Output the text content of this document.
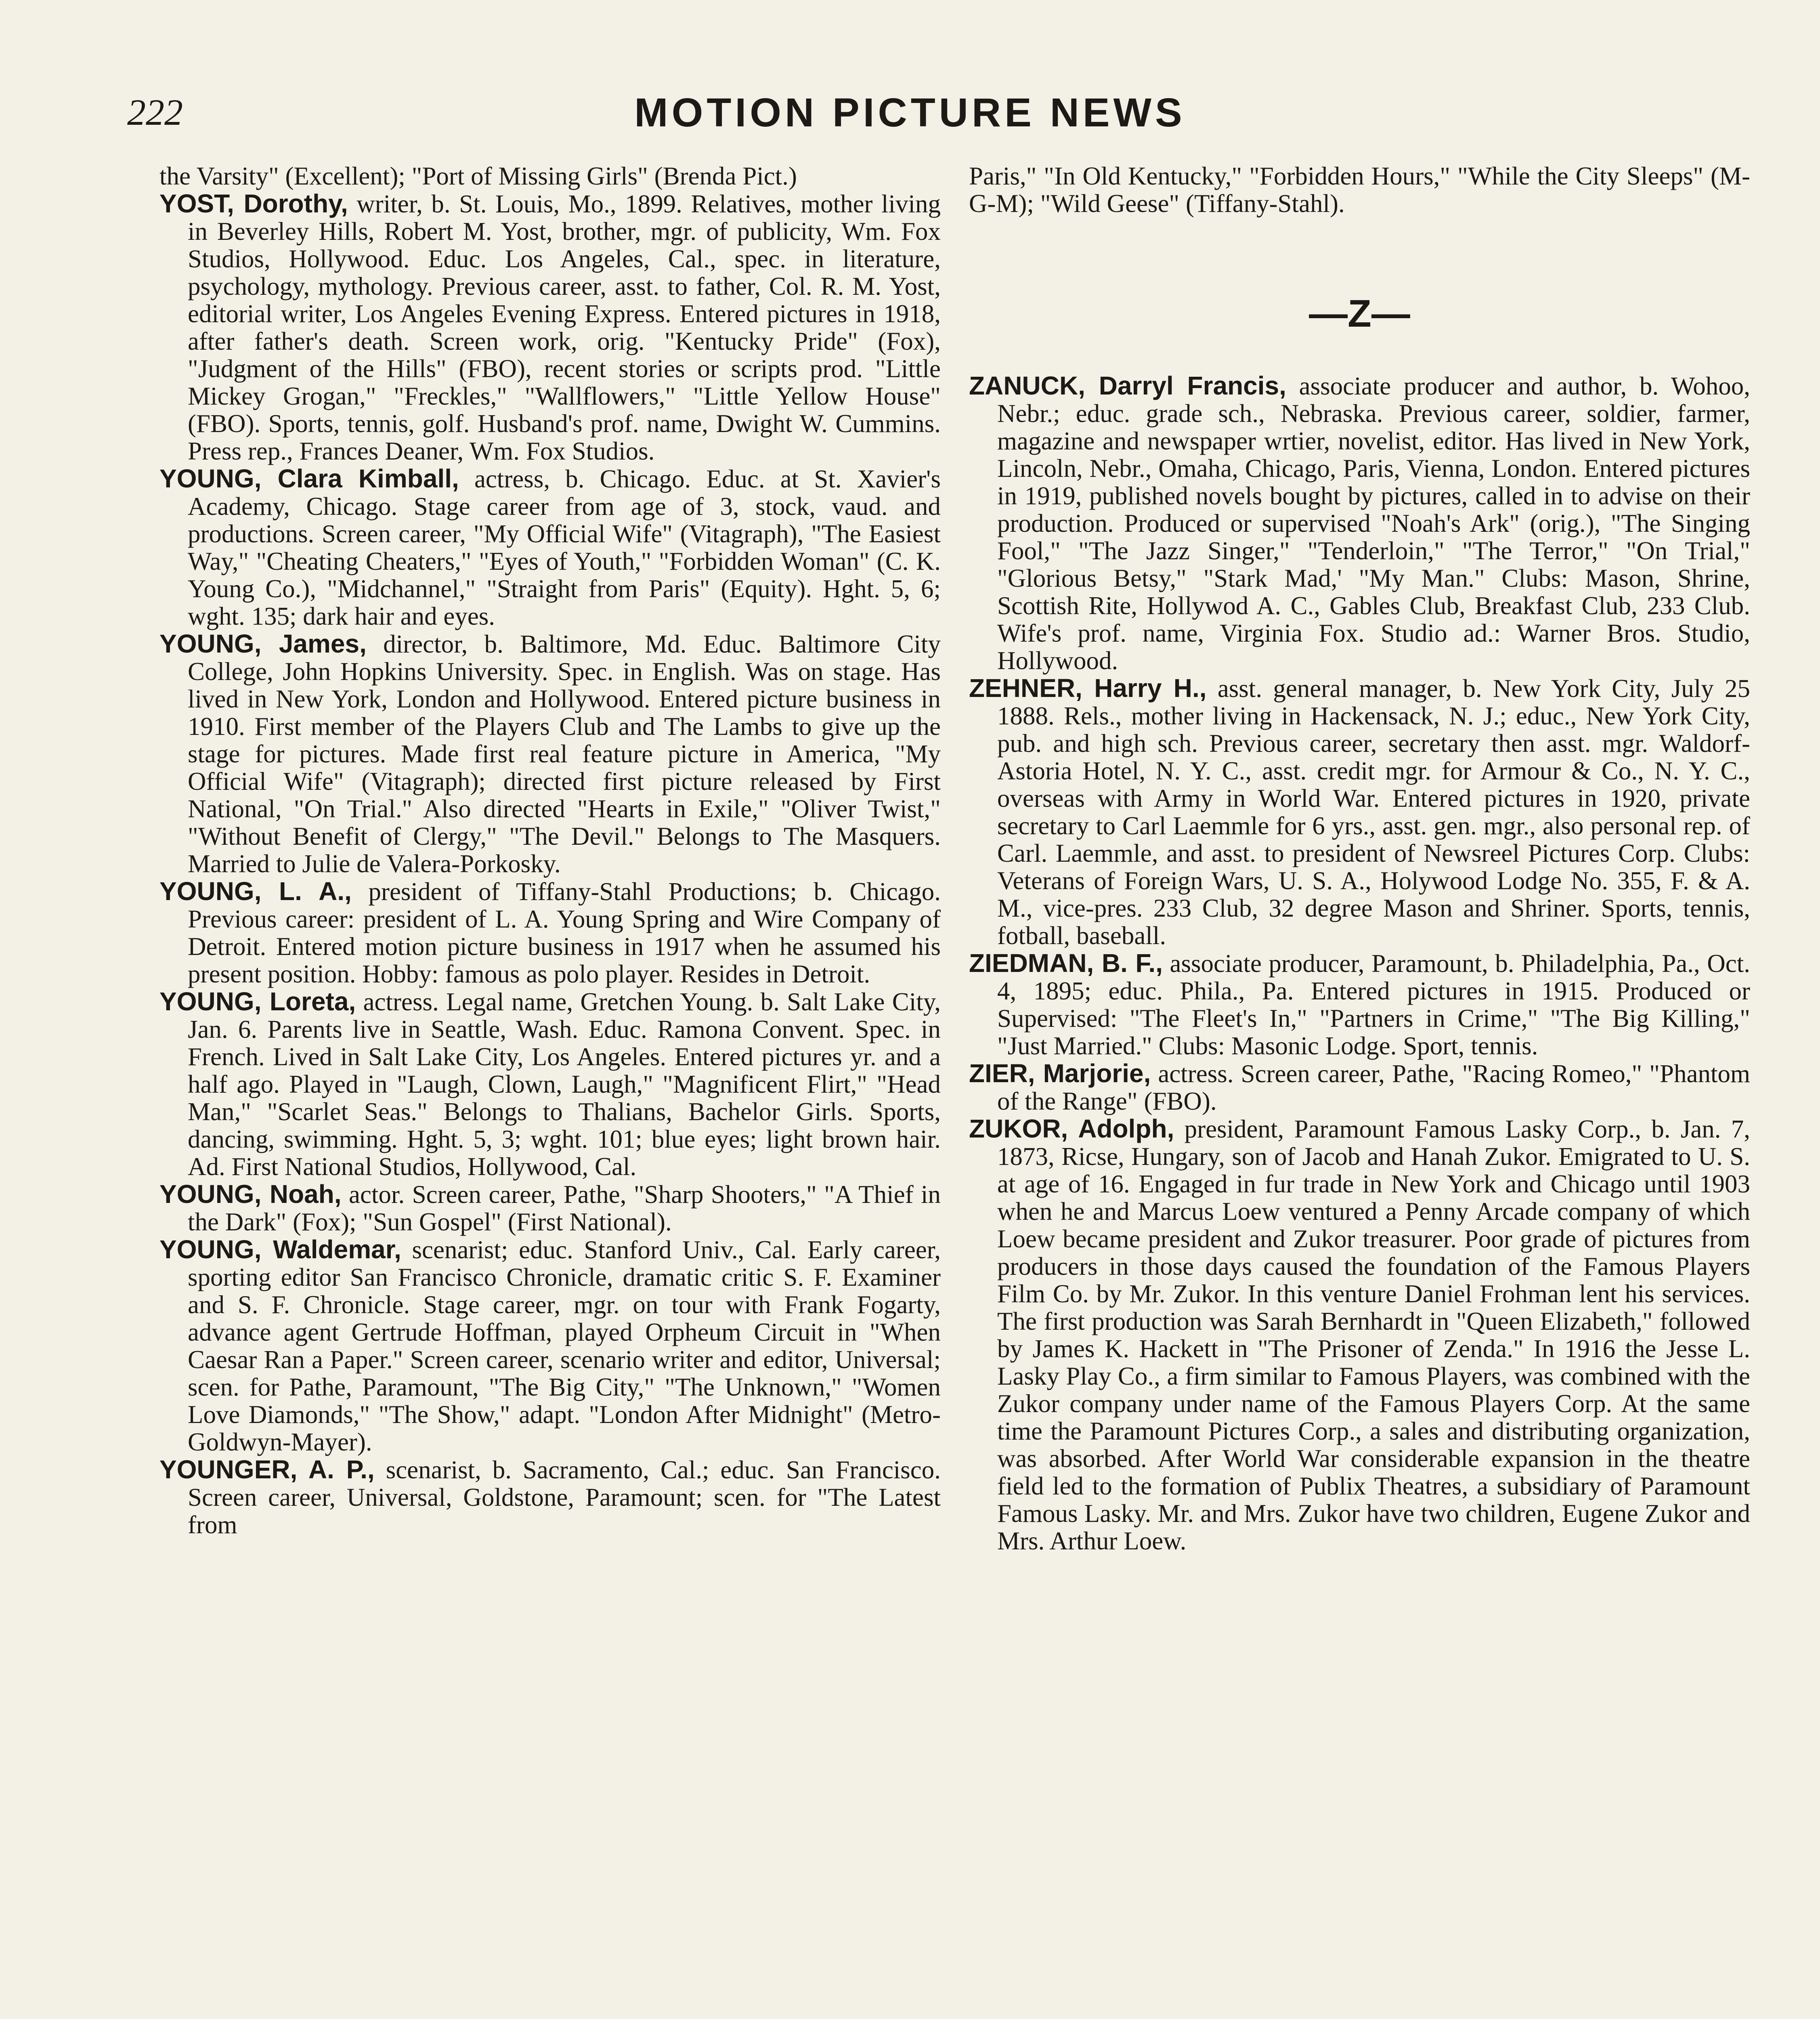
222	MOTION PICTURE NEWS

the Varsity" (Excellent); "Port of Missing Girls" (Brenda Pict.)

YOST, Dorothy, writer, b. St. Louis, Mo., 1899. Relatives, mother living in Beverley Hills, Robert M. Yost, brother, mgr. of publicity, Wm. Fox Studios, Hollywood. Educ. Los Angeles, Cal., spec. in literature, psychology, mythology. Previous career, asst. to father, Col. R. M. Yost, editorial writer, Los Angeles Evening Express. Entered pictures in 1918, after father's death. Screen work, orig. "Kentucky Pride" (Fox), "Judgment of the Hills" (FBO), recent stories or scripts prod. "Little Mickey Grogan," "Freckles," "Wallflowers," "Little Yellow House" (FBO). Sports, tennis, golf. Husband's prof. name, Dwight W. Cummins. Press rep., Frances Deaner, Wm. Fox Studios.

YOUNG, Clara Kimball, actress, b. Chicago. Educ. at St. Xavier's Academy, Chicago. Stage career from age of 3, stock, vaud. and productions. Screen career, "My Official Wife" (Vitagraph), "The Easiest Way," "Cheating Cheaters," "Eyes of Youth," "Forbidden Woman" (C. K. Young Co.), "Midchannel," "Straight from Paris" (Equity). Hght. 5, 6; wght. 135; dark hair and eyes.

YOUNG, James, director, b. Baltimore, Md. Educ. Baltimore City College, John Hopkins University. Spec. in English. Was on stage. Has lived in New York, London and Hollywood. Entered picture business in 1910. First member of the Players Club and The Lambs to give up the stage for pictures. Made first real feature picture in America, "My Official Wife" (Vitagraph); directed first picture released by First National, "On Trial." Also directed "Hearts in Exile," "Oliver Twist," "Without Benefit of Clergy," "The Devil." Belongs to The Masquers. Married to Julie de Valera-Porkosky.

YOUNG, L. A., president of Tiffany-Stahl Productions; b. Chicago. Previous career: president of L. A. Young Spring and Wire Company of Detroit. Entered motion picture business in 1917 when he assumed his present position. Hobby: famous as polo player. Resides in Detroit.

YOUNG, Loreta, actress. Legal name, Gretchen Young. b. Salt Lake City, Jan. 6. Parents live in Seattle, Wash. Educ. Ramona Convent. Spec. in French. Lived in Salt Lake City, Los Angeles. Entered pictures yr. and a half ago. Played in "Laugh, Clown, Laugh," "Magnificent Flirt," "Head Man," "Scarlet Seas." Belongs to Thalians, Bachelor Girls. Sports, dancing, swimming. Hght. 5, 3; wght. 101; blue eyes; light brown hair. Ad. First National Studios, Hollywood, Cal.

YOUNG, Noah, actor. Screen career, Pathe, "Sharp Shooters," "A Thief in the Dark" (Fox); "Sun Gospel" (First National).

YOUNG, Waldemar, scenarist; educ. Stanford Univ., Cal. Early career, sporting editor San Francisco Chronicle, dramatic critic S. F. Examiner and S. F. Chronicle. Stage career, mgr. on tour with Frank Fogarty, advance agent Gertrude Hoffman, played Orpheum Circuit in "When Caesar Ran a Paper." Screen career, scenario writer and editor, Universal; scen. for Pathe, Paramount, "The Big City," "The Unknown," "Women Love Diamonds," "The Show," adapt. "London After Midnight" (Metro-Goldwyn-Mayer).

YOUNGER, A. P., scenarist, b. Sacramento, Cal.; educ. San Francisco. Screen career, Universal, Goldstone, Paramount; scen. for "The Latest from

Paris," "In Old Kentucky," "Forbidden Hours," "While the City Sleeps" (M-G-M); "Wild Geese" (Tiffany-Stahl).

—Z—

ZANUCK, Darryl Francis, associate producer and author, b. Wohoo, Nebr.; educ. grade sch., Nebraska. Previous career, soldier, farmer, magazine and newspaper wrtier, novelist, editor. Has lived in New York, Lincoln, Nebr., Omaha, Chicago, Paris, Vienna, London. Entered pictures in 1919, published novels bought by pictures, called in to advise on their production. Produced or supervised "Noah's Ark" (orig.), "The Singing Fool," "The Jazz Singer," "Tenderloin," "The Terror," "On Trial," "Glorious Betsy," "Stark Mad,' "My Man." Clubs: Mason, Shrine, Scottish Rite, Hollywod A. C., Gables Club, Breakfast Club, 233 Club. Wife's prof. name, Virginia Fox. Studio ad.: Warner Bros. Studio, Hollywood.

ZEHNER, Harry H., asst. general manager, b. New York City, July 25 1888. Rels., mother living in Hackensack, N. J.; educ., New York City, pub. and high sch. Previous career, secretary then asst. mgr. Waldorf-Astoria Hotel, N. Y. C., asst. credit mgr. for Armour & Co., N. Y. C., overseas with Army in World War. Entered pictures in 1920, private secretary to Carl Laemmle for 6 yrs., asst. gen. mgr., also personal rep. of Carl. Laemmle, and asst. to president of Newsreel Pictures Corp. Clubs: Veterans of Foreign Wars, U. S. A., Holywood Lodge No. 355, F. & A. M., vice-pres. 233 Club, 32 degree Mason and Shriner. Sports, tennis, fotball, baseball.

ZIEDMAN, B. F., associate producer, Paramount, b. Philadelphia, Pa., Oct. 4, 1895; educ. Phila., Pa. Entered pictures in 1915. Produced or Supervised: "The Fleet's In," "Partners in Crime," "The Big Killing," "Just Married." Clubs: Masonic Lodge. Sport, tennis.

ZIER, Marjorie, actress. Screen career, Pathe, "Racing Romeo," "Phantom of the Range" (FBO).

ZUKOR, Adolph, president, Paramount Famous Lasky Corp., b. Jan. 7, 1873, Ricse, Hungary, son of Jacob and Hanah Zukor. Emigrated to U. S. at age of 16. Engaged in fur trade in New York and Chicago until 1903 when he and Marcus Loew ventured a Penny Arcade company of which Loew became president and Zukor treasurer. Poor grade of pictures from producers in those days caused the foundation of the Famous Players Film Co. by Mr. Zukor. In this venture Daniel Frohman lent his services. The first production was Sarah Bernhardt in "Queen Elizabeth," followed by James K. Hackett in "The Prisoner of Zenda." In 1916 the Jesse L. Lasky Play Co., a firm similar to Famous Players, was combined with the Zukor company under name of the Famous Players Corp. At the same time the Paramount Pictures Corp., a sales and distributing organization, was absorbed. After World War considerable expansion in the theatre field led to the formation of Publix Theatres, a subsidiary of Paramount Famous Lasky. Mr. and Mrs. Zukor have two children, Eugene Zukor and Mrs. Arthur Loew.
